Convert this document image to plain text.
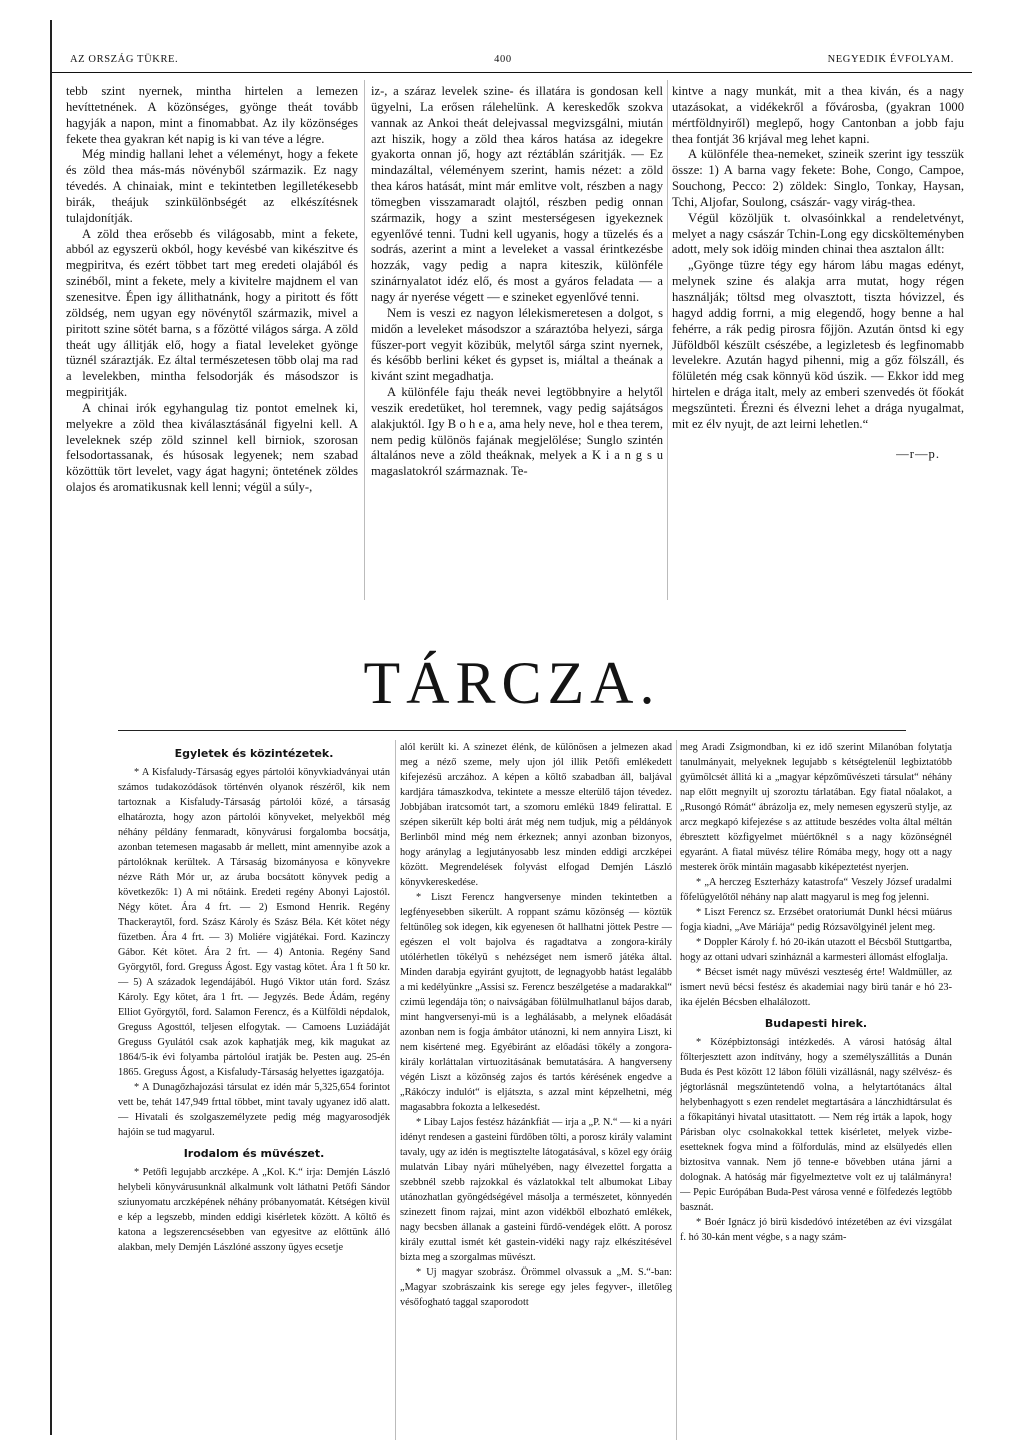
AZ ORSZÁG TÜKRE.	400	NEGYEDIK ÉVFOLYAM.

tebb szint nyernek, mintha hirtelen a lemezen hevíttetnének. A közönséges, gyönge theát tovább hagyják a napon, mint a finomabbat. Az ily közönséges fekete thea gyakran két napig is ki van téve a légre.

Még mindig hallani lehet a véleményt, hogy a fekete és zöld thea más-más növényből származik. Ez nagy tévedés. A chinaiak, mint e tekintetben legilletékesebb birák, theájuk szinkülönbségét az elkészítésnek tulajdonítják.

A zöld thea erősebb és világosabb, mint a fekete, abból az egyszerü okból, hogy kevésbé van kikészitve és megpiritva, és ezért többet tart meg eredeti olajából és szinéből, mint a fekete, mely a kivitelre majdnem el van szenesitve. Épen igy állithatnánk, hogy a piritott és főtt zöldség, nem ugyan egy növénytől származik, mivel a piritott szine sötét barna, s a főzötté világos sárga. A zöld theát ugy állitják elő, hogy a fiatal leveleket gyönge tüznél száraztják. Ez által természetesen több olaj ma rad a levelekben, mintha felsodorják és másodszor is megpiritják.

A chinai irók egyhangulag tiz pontot emelnek ki, melyekre a zöld thea kiválasztásánál figyelni kell. A leveleknek szép zöld szinnel kell birniok, szorosan felsodortassanak, és húsosak legyenek; nem szabad közöttük tört levelet, vagy ágat hagyni; öntetének zöldes olajos és aromatikusnak kell lenni; végül a súly-,

iz-, a száraz levelek szine- és illatára is gondosan kell ügyelni, La erősen rálehelünk. A kereskedők szokva vannak az Ankoi theát delejvassal megvizsgálni, miután azt hiszik, hogy a zöld thea káros hatása az idegekre gyakorta onnan jő, hogy azt réztáblán száritják. — Ez mindazáltal, véleményem szerint, hamis nézet: a zöld thea káros hatását, mint már emlitve volt, részben a nagy tömegben visszamaradt olajtól, részben pedig onnan származik, hogy a szint mesterségesen igyekeznek egyenlővé tenni. Tudni kell ugyanis, hogy a tüzelés és a sodrás, azerint a mint a leveleket a vassal érintkezésbe hozzák, vagy pedig a napra kiteszik, különféle szinárnyalatot idéz elő, és most a gyáros feladata — a nagy ár nyerése végett — e szineket egyenlővé tenni.

Nem is veszi ez nagyon lélekismeretesen a dolgot, s midőn a leveleket másodszor a száraztóba helyezi, sárga fűszer-port vegyit közibük, melytől sárga szint nyernek, és később berlini kéket és gypset is, miáltal a theának a kivánt szint megadhatja.

A különféle faju theák nevei legtöbbnyire a helytől veszik eredetüket, hol teremnek, vagy pedig sajátságos alakjuktól. Igy B o h e a, ama hely neve, hol e thea terem, nem pedig különös fajának megjelölése; Sunglo szintén általános neve a zöld theáknak, melyek a K i a n g s u magaslatokról származnak. Te-

kintve a nagy munkát, mit a thea kiván, és a nagy utazásokat, a vidékekről a fővárosba, (gyakran 1000 mértföldnyiről) meglepő, hogy Cantonban a jobb faju thea fontját 36 krjával meg lehet kapni.

A különféle thea-nemeket, szineik szerint igy tesszük össze: 1) A barna vagy fekete: Bohe, Congo, Campoe, Souchong, Pecco: 2) zöldek: Singlo, Tonkay, Haysan, Tchi, Aljofar, Soulong, császár- vagy virág-thea.

Végül közöljük t. olvasóinkkal a rendeletvényt, melyet a nagy császár Tchin-Long egy dicskölteményben adott, mely sok idöig minden chinai thea asztalon állt:

„Gyönge tüzre tégy egy három lábu magas edényt, melynek szine és alakja arra mutat, hogy régen használják; töltsd meg olvasztott, tiszta hóvizzel, és hagyd addig forrni, a mig elegendő, hogy benne a hal fehérre, a rák pedig pirosra főjjön. Azután öntsd ki egy Jüföldből készült csészébe, a legizletesb és legfinomabb levelekre. Azután hagyd pihenni, mig a gőz fölszáll, és fölületén még csak könnyü köd úszik. — Ekkor idd meg hirtelen e drága italt, mely az emberi szenvedés öt főokát megszünteti. Érezni és élvezni lehet a drága nyugalmat, mit ez élv nyujt, de azt leirni lehetlen.“

—r—p.
TÁRCZA.
Egyletek és közintézetek.

* A Kisfaludy-Társaság egyes pártolói könyvkiadványai után számos tudakozódások történvén olyanok részéről, kik nem tartoznak a Kisfaludy-Társaság pártolói közé, a társaság elhatározta, hogy azon pártolói könyveket, melyekből még néhány példány fenmaradt, könyvárusi forgalomba bocsátja, azonban tetemesen magasabb ár mellett, mint amennyibe azok a pártolóknak kerültek. A Társaság bizományosa e könyvekre nézve Ráth Mór ur, az áruba bocsátott könyvek pedig a következők: 1) A mi nőtáink. Eredeti regény Abonyi Lajostól. Négy kötet. Ára 4 frt. — 2) Esmond Henrik. Regény Thackeraytől, ford. Szász Károly és Szász Béla. Két kötet négy füzetben. Ára 4 frt. — 3) Moliére vigjátékai. Ford. Kazinczy Gábor. Két kötet. Ára 2 frt. — 4) Antonia. Regény Sand Györgytől, ford. Greguss Ágost. Egy vastag kötet. Ára 1 ft 50 kr. — 5) A századok legendájából. Hugó Viktor után ford. Szász Károly. Egy kötet, ára 1 frt. — Jegyzés. Bede Ádám, regény Elliot Györgytől, ford. Salamon Ferencz, és a Külföldi népdalok, Greguss Agosttól, teljesen elfogytak. — Camoens Luziádáját Greguss Gyulától csak azok kaphatják meg, kik magukat az 1864/5-ik évi folyamba pártolóul iratják be. Pesten aug. 25-én 1865. Greguss Ágost, a Kisfaludy-Társaság helyettes igazgatója.

* A Dunagőzhajozási társulat ez idén már 5,325,654 forintot vett be, tehát 147,949 frttal többet, mint tavaly ugyanez idő alatt. — Hivatali és szolgaszemélyzete pedig még magyarosodjék hajóin se tud magyarul.

Irodalom és müvészet.

* Petőfi legujabb arczképe. A „Kol. K.“ irja: Demjén László helybeli könyvárusunknál alkalmunk volt láthatni Petőfi Sándor sziunyomatu arczképének néhány próbanyomatát. Kétségen kivül e kép a legszebb, minden eddigi kisérletek között. A költő és katona a legszerencsésebben van egyesitve az előttünk álló alakban, mely Demjén Lászlóné asszony ügyes ecsetje

alól került ki. A szinezet élénk, de különösen a jelmezen akad meg a néző szeme, mely ujon jól illik Petőfi emlékedett kifejezésü arczához. A képen a költő szabadban áll, baljával kardjára támaszkodva, tekintete a messze elterülő tájon tévedez. Jobbjában iratcsomót tart, a szomoru emlékü 1849 felirattal. E szépen sikerült kép bolti árát még nem tudjuk, mig a példányok Berlinből mind még nem érkeznek; annyi azonban bizonyos, hogy aránylag a legjutányosabb lesz minden eddigi arczképei között. Megrendelések folyvást elfogad Demjén László könyvkereskedése.

* Liszt Ferencz hangversenye minden tekintetben a legfényesebben sikerült. A roppant számu közönség — köztük feltünőleg sok idegen, kik egyenesen őt hallhatni jöttek Pestre — egészen el volt bajolva és ragadtatva a zongora-király utólérhetlen tökélyü s nehézséget nem ismerő játéka által. Minden darabja egyiránt gyujtott, de legnagyobb hatást legalább a mi kedélyünkre „Assisi sz. Ferencz beszélgetése a madarakkal“ czimü legendája tön; o naivságában fölülmulhatlanul bájos darab, mint hangversenyi-mü is a leghálásabb, a melynek előadását azonban nem is fogja ámbátor utánozni, ki nem annyira Liszt, ki nem kisértené meg. Egyébiránt az előadási tökély a zongora-király korláttalan virtuozitásának bemutatására. A hangverseny végén Liszt a közönség zajos és tartós kérésének engedve a „Rákóczy indulót“ is eljátszta, s azzal mint képzelhetni, még magasabbra fokozta a lelkesedést.

* Libay Lajos festész házánkfiát — irja a „P. N.“ — ki a nyári idényt rendesen a gasteini fürdőben tölti, a porosz király valamint tavaly, ugy az idén is megtisztelte látogatásával, s közel egy óráig mulatván Libay nyári műhelyében, nagy élvezettel forgatta a szebbnél szebb rajzokkal és vázlatokkal telt albumokat Libay utánozhatlan gyöngédségével másolja a természetet, könnyedén szinezett finom rajzai, mint azon vidékből elbozható emlékek, nagy becsben állanak a gasteini fürdő-vendégek előtt. A porosz király ezuttal ismét két gastein-vidéki nagy rajz elkészitésével bizta meg a szorgalmas müvészt.

* Uj magyar szobrász. Örömmel olvassuk a „M. S.“-ban: „Magyar szobrászaink kis serege egy jeles fegyver-, illetőleg vésőfogható taggal szaporodott

meg Aradi Zsigmondban, ki ez idő szerint Milanóban folytatja tanulmányait, melyeknek legujabb s kétségtelenül legbiztatóbb gyümölcsét állitá ki a „magyar képzőművészeti társulat“ néhány nap előtt megnyilt uj szoroztu tárlatában. Egy fiatal nőalakot, a „Rusongó Rómát“ ábrázolja ez, mely nemesen egyszerü stylje, az arcz megkapó kifejezése s az attitude beszédes volta által méltán ébresztett közfigyelmet müértőknél s a nagy közönségnél egyaránt. A fiatal müvész télire Rómába megy, hogy ott a nagy mesterek örök mintáin magasabb kiképeztetést nyerjen.

* „A herczeg Eszterházy katastrofa“ Veszely József uradalmi főfelügyelőtől néhány nap alatt magyarul is meg fog jelenni.

* Liszt Ferencz sz. Erzsébet oratoriumát Dunkl hécsi müárus fogja kiadni, „Ave Máriája“ pedig Rózsavölgyinél jelent meg.

* Doppler Károly f. hó 20-ikán utazott el Bécsből Stuttgartba, hogy az ottani udvari szinháznál a karmesteri állomást elfoglalja.

* Bécset ismét nagy müvészi veszteség érte! Waldmüller, az ismert nevü bécsi festész és akademiai nagy birü tanár e hó 23-ika éjelén Bécsben elhalálozott.

Budapesti hirek.

* Középbiztonsági intézkedés. A városi hatóság által főlterjesztett azon indítvány, hogy a személyszállitás a Dunán Buda és Pest között 12 lábon főlüli vizállásnál, nagy szélvész- és jégtorlásnál megszüntetendő volna, a helytartótanács által helybenhagyott s ezen rendelet megtartására a lánczhidtársulat és a főkapitányi hivatal utasittatott. — Nem rég irták a lapok, hogy Párisban olyc csolnakokkal tettek kisérletet, melyek vizbe-esetteknek fogva mind a fölfordulás, mind az elsülyedés ellen biztositva vannak. Nem jő tenne-e bővebben utána járni a dolognak. A hatóság már figyelmeztetve volt ez uj találmányra! — Pepic Európában Buda-Pest városa venné e fölfedezés legtöbb basznát.

* Boér Ignácz jó birü kisdedóvó intézetében az évi vizsgálat f. hó 30-kán ment végbe, s a nagy szám-
